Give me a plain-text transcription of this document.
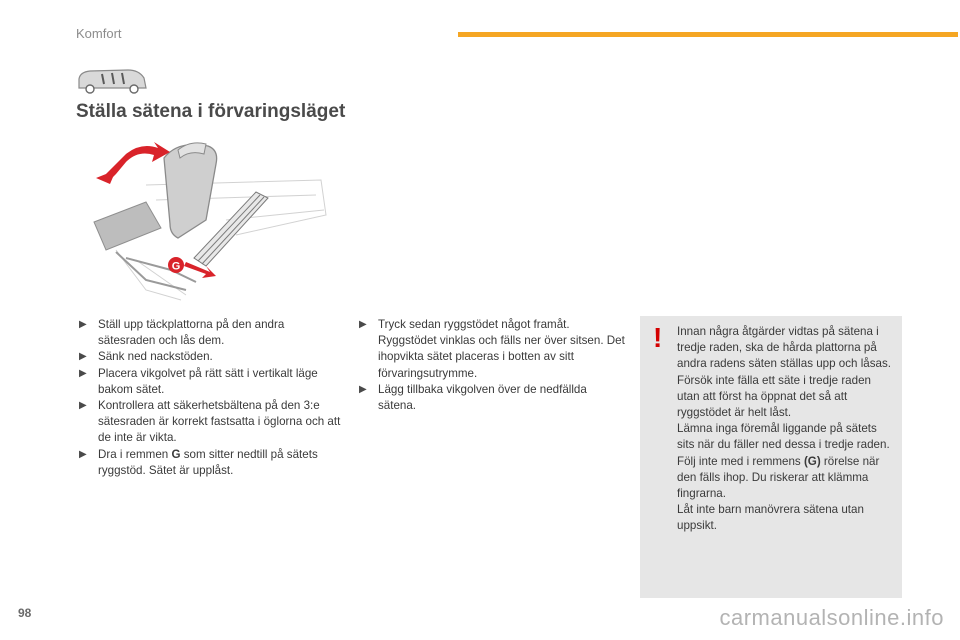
Komfort
Ställa sätena i förvaringsläget
G
▶ Ställ upp täckplattorna på den andra sätesraden och lås dem.
▶ Sänk ned nackstöden.
▶ Placera vikgolvet på rätt sätt i vertikalt läge bakom sätet.
▶ Kontrollera att säkerhetsbältena på den 3:e sätesraden är korrekt fastsatta i öglorna och att de inte är vikta.
▶ Dra i remmen G som sitter nedtill på sätets ryggstöd. Sätet är upplåst.
▶ Tryck sedan ryggstödet något framåt. Ryggstödet vinklas och fälls ner över sitsen. Det ihopvikta sätet placeras i botten av sitt förvaringsutrymme.
▶ Lägg tillbaka vikgolven över de nedfällda sätena.
! Innan några åtgärder vidtas på sätena i tredje raden, ska de hårda plattorna på andra radens säten ställas upp och låsas.

Försök inte fälla ett säte i tredje raden utan att först ha öppnat det så att ryggstödet är helt låst.

Lämna inga föremål liggande på sätets sits när du fäller ned dessa i tredje raden.

Följ inte med i remmens (G) rörelse när den fälls ihop. Du riskerar att klämma fingrarna.

Låt inte barn manövrera sätena utan uppsikt.

98	carmanualsonline.info
